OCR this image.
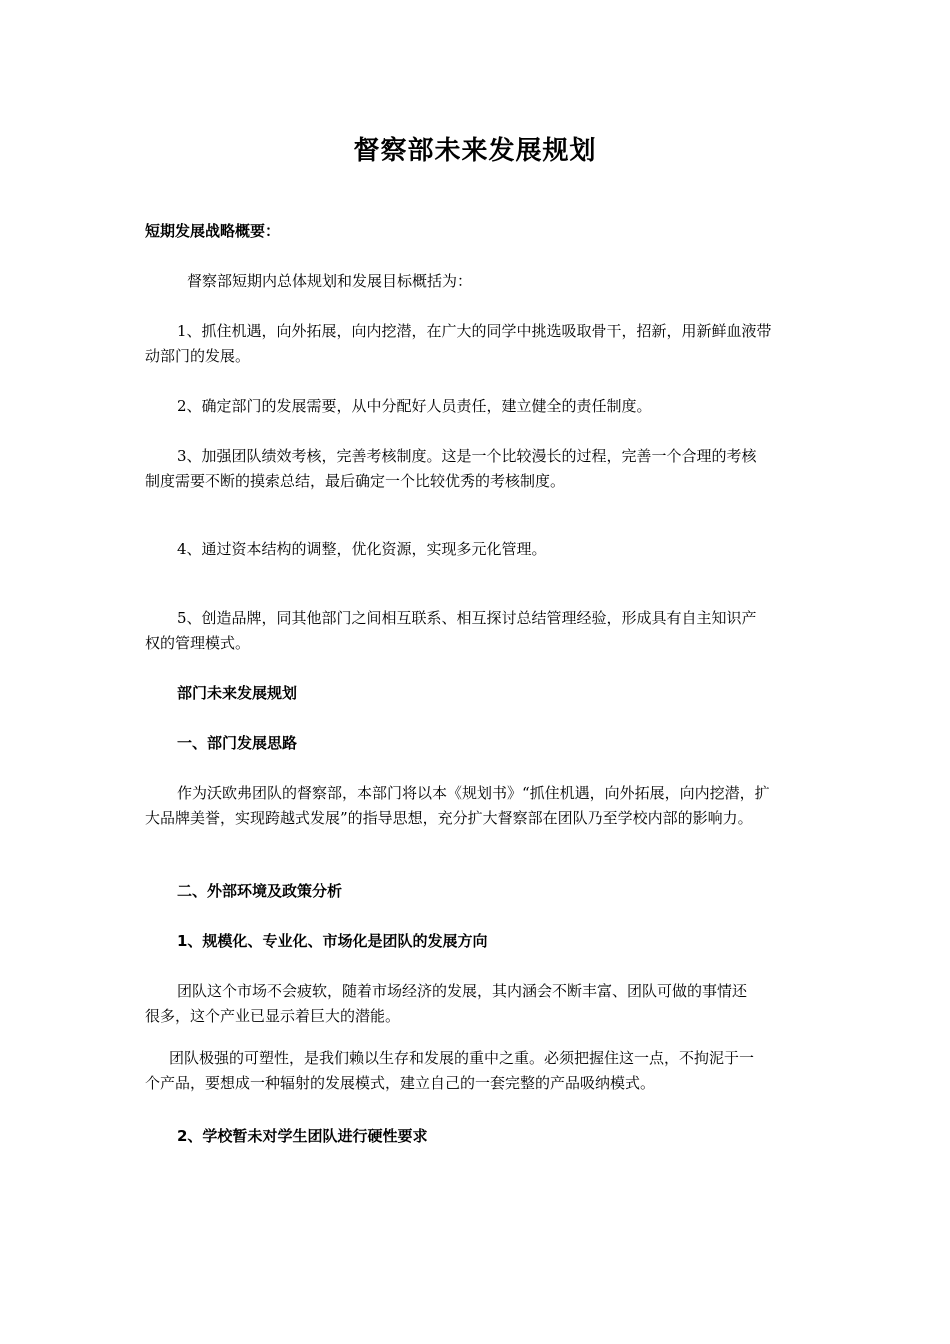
督察部未来发展规划
短期发展战略概要：
督察部短期内总体规划和发展目标概括为：
1、抓住机遇，向外拓展，向内挖潜，在广大的同学中挑选吸取骨干，招新，用新鲜血液带
动部门的发展。
2、确定部门的发展需要，从中分配好人员责任，建立健全的责任制度。
3、加强团队绩效考核，完善考核制度。这是一个比较漫长的过程，完善一个合理的考核
制度需要不断的摸索总结，最后确定一个比较优秀的考核制度。
4、通过资本结构的调整，优化资源，实现多元化管理。
5、创造品牌，同其他部门之间相互联系、相互探讨总结管理经验，形成具有自主知识产
权的管理模式。
部门未来发展规划
一、部门发展思路
作为沃欧弗团队的督察部，本部门将以本《规划书》“抓住机遇，向外拓展，向内挖潜，扩
大品牌美誉，实现跨越式发展”的指导思想，充分扩大督察部在团队乃至学校内部的影响力。
二、外部环境及政策分析
1、规模化、专业化、市场化是团队的发展方向
团队这个市场不会疲软，随着市场经济的发展，其内涵会不断丰富、团队可做的事情还
很多，这个产业已显示着巨大的潜能。
团队极强的可塑性，是我们赖以生存和发展的重中之重。必须把握住这一点，不拘泥于一
个产品，要想成一种辐射的发展模式，建立自己的一套完整的产品吸纳模式。
2、学校暂未对学生团队进行硬性要求
